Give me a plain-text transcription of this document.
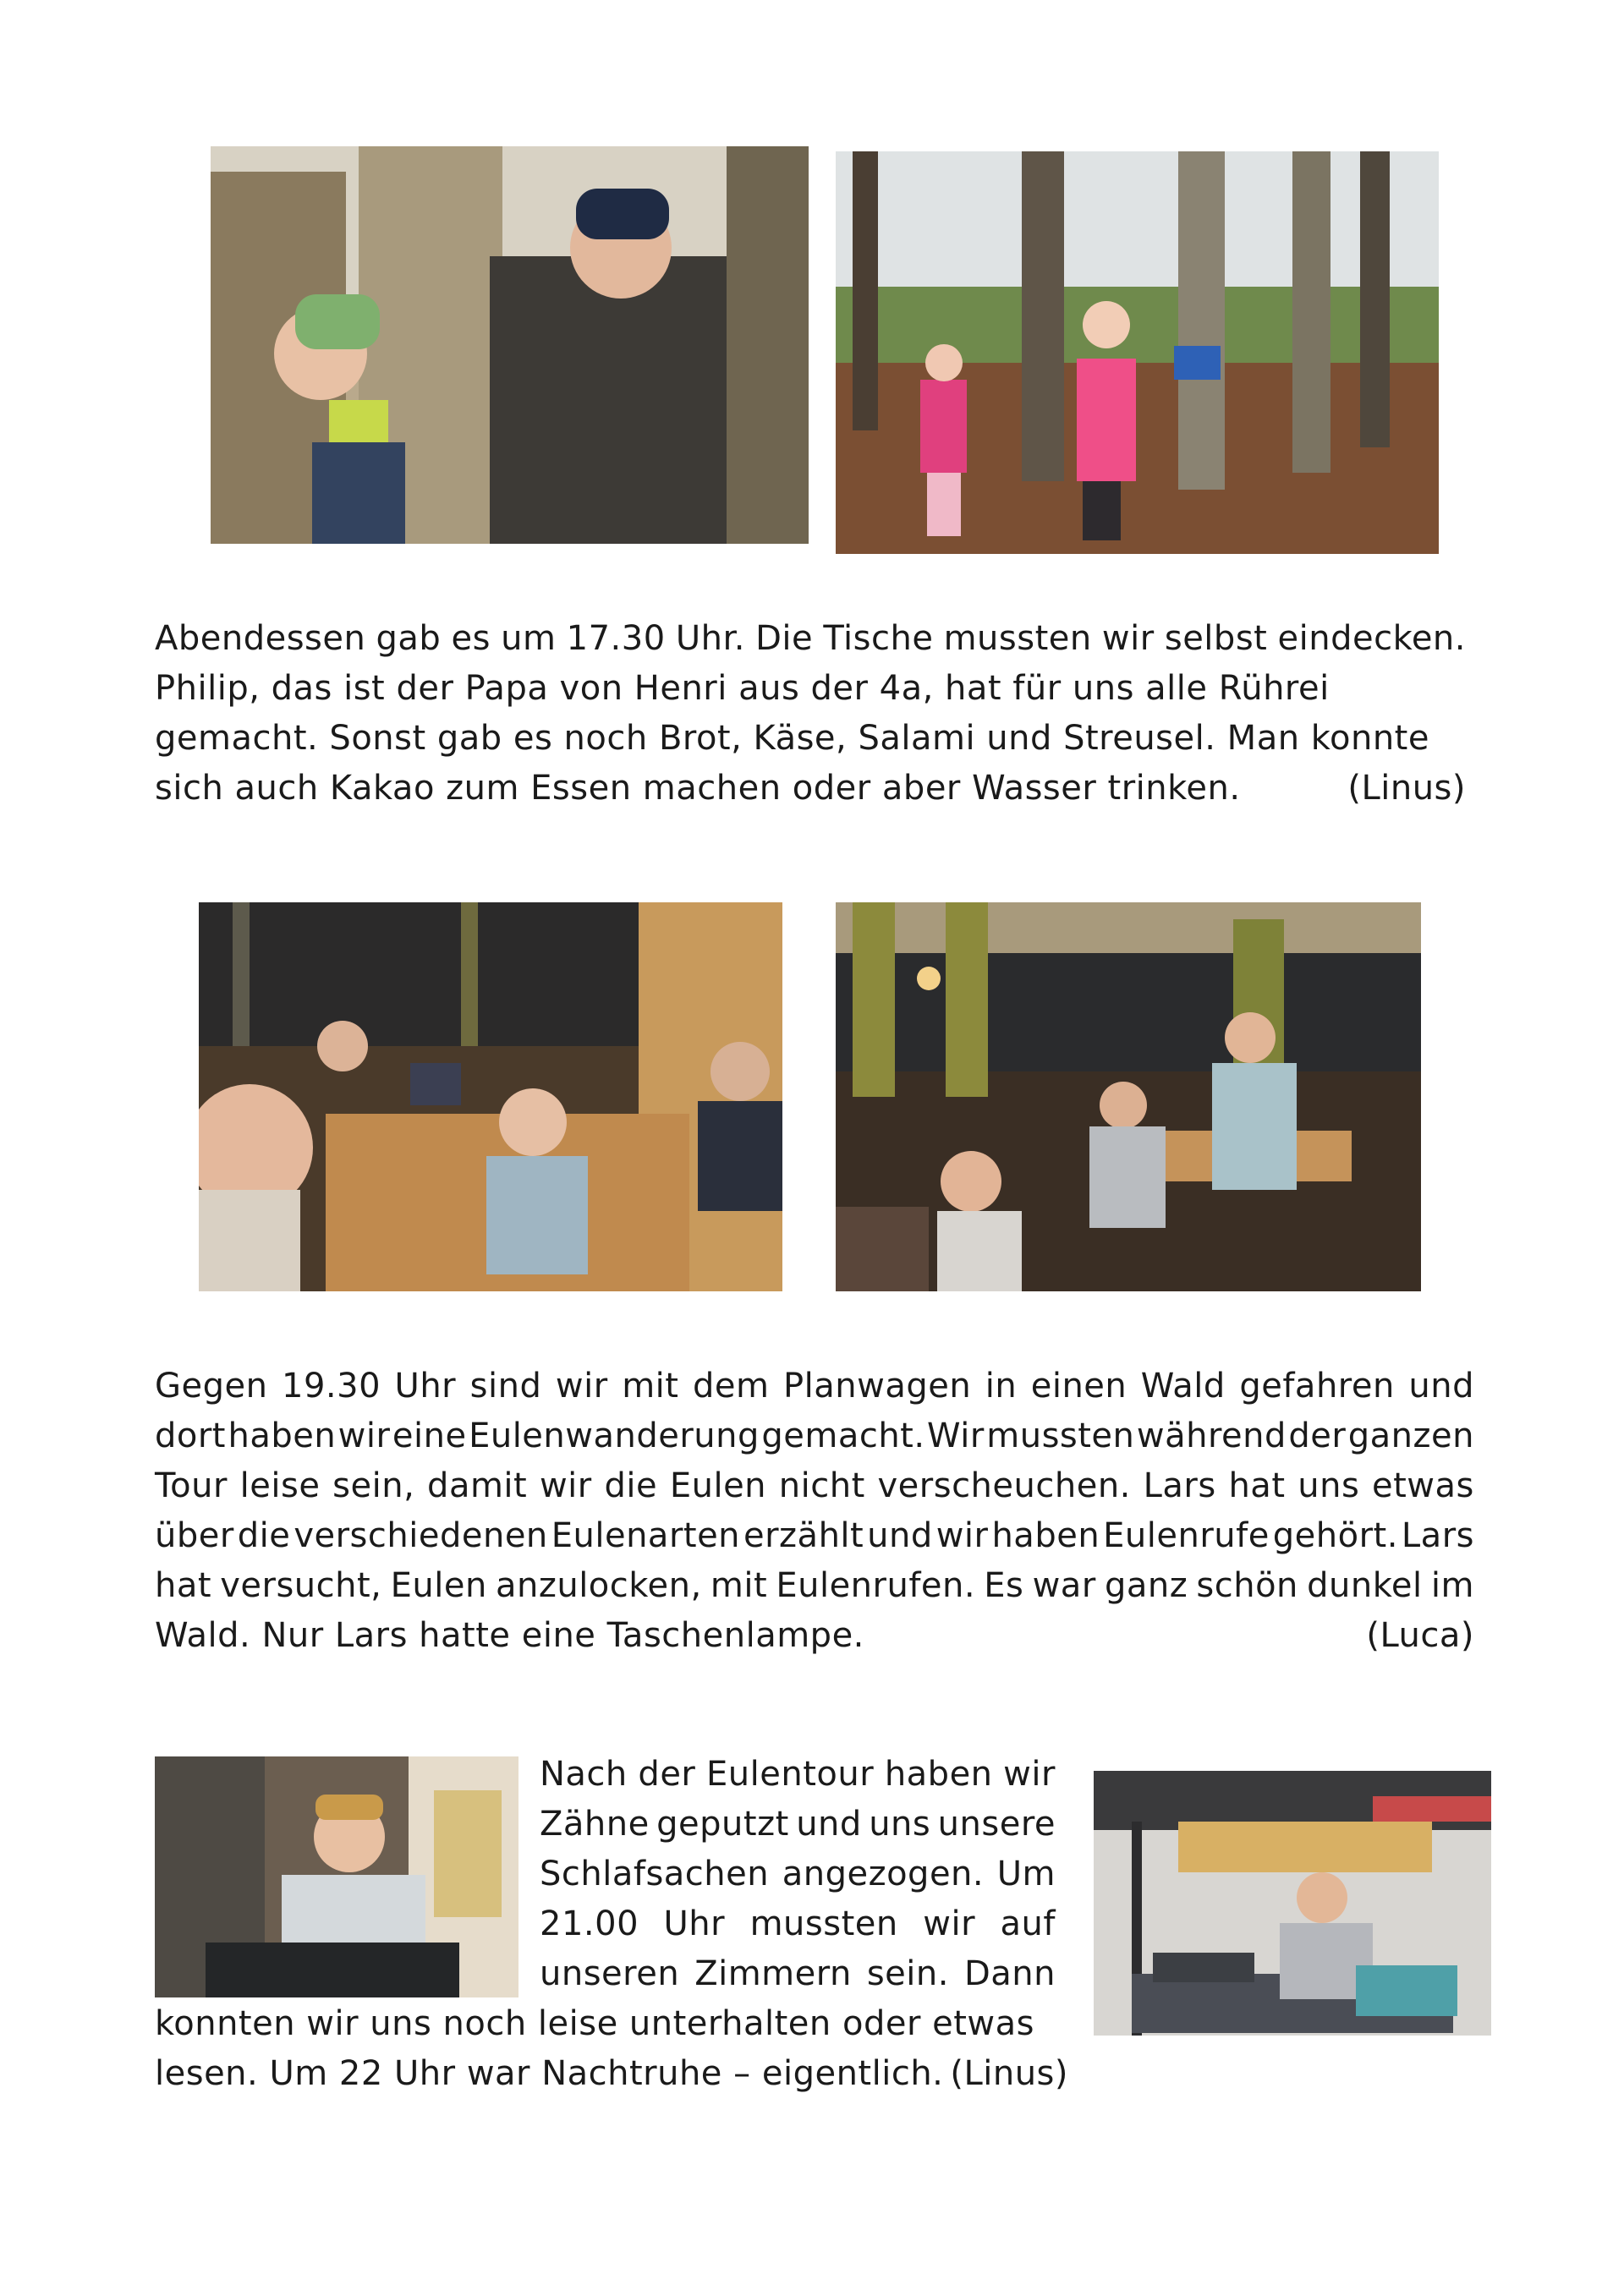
Abendessen gab es um 17.30 Uhr. Die Tische mussten wir selbst eindecken.
Philip, das ist der Papa von Henri aus der 4a, hat für uns alle Rührei
gemacht. Sonst gab es noch Brot, Käse, Salami und Streusel. Man konnte
sich auch Kakao zum Essen machen oder aber Wasser trinken.	(Linus)
Gegen 19.30 Uhr sind wir mit dem Planwagen in einen Wald gefahren und
dort haben wir eine Eulenwanderung gemacht. Wir mussten während der ganzen
Tour leise sein, damit wir die Eulen nicht verscheuchen. Lars hat uns etwas
über die verschiedenen Eulenarten erzählt und wir haben Eulenrufe gehört. Lars
hat versucht, Eulen anzulocken, mit Eulenrufen. Es war ganz schön dunkel im
Wald. Nur Lars hatte eine Taschenlampe.	(Luca)
Nach der Eulentour haben wir
Zähne geputzt und uns unsere
Schlafsachen angezogen. Um
21.00 Uhr mussten wir auf
unseren Zimmern sein. Dann
konnten wir uns noch leise unterhalten oder etwas
lesen. Um 22 Uhr war Nachtruhe – eigentlich. (Linus)
